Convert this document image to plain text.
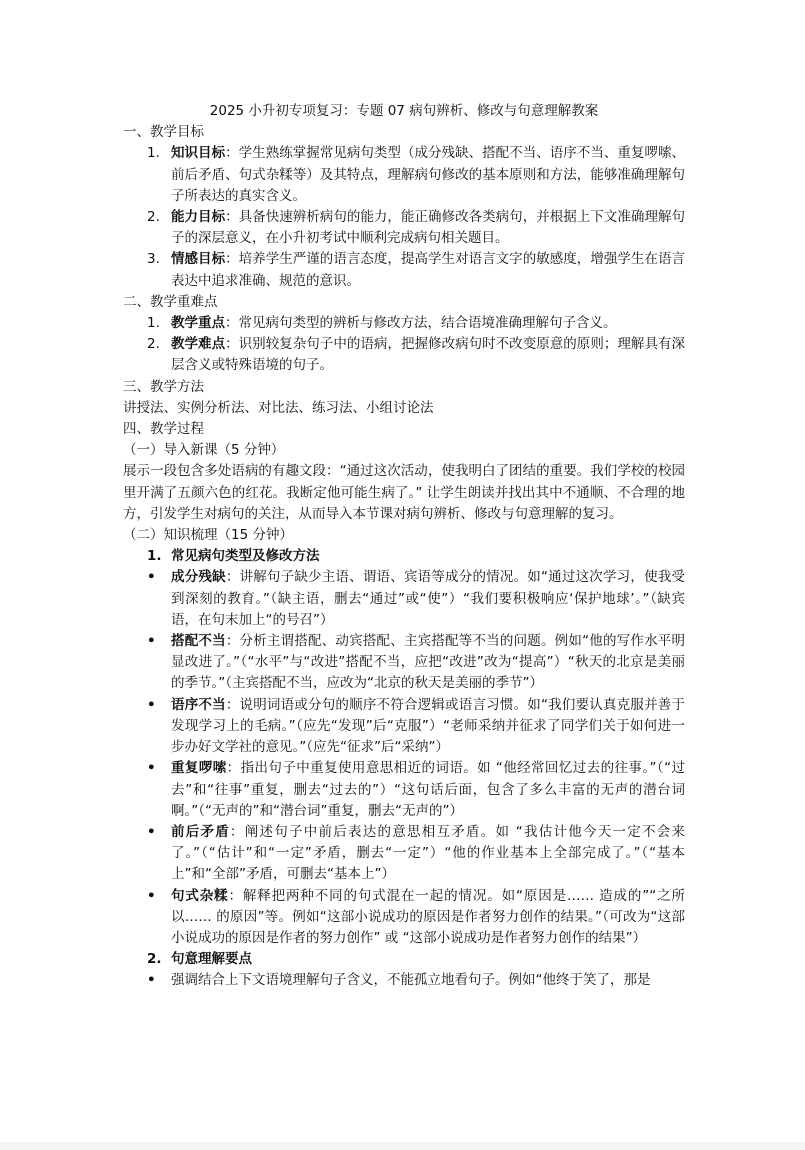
2025 小升初专项复习：专题 07 病句辨析、修改与句意理解教案

一、教学目标

1. 知识目标：学生熟练掌握常见病句类型（成分残缺、搭配不当、语序不当、重复啰嗦、前后矛盾、句式杂糅等）及其特点，理解病句修改的基本原则和方法，能够准确理解句子所表达的真实含义。
2. 能力目标：具备快速辨析病句的能力，能正确修改各类病句，并根据上下文准确理解句子的深层意义，在小升初考试中顺利完成病句相关题目。
3. 情感目标：培养学生严谨的语言态度，提高学生对语言文字的敏感度，增强学生在语言表达中追求准确、规范的意识。

二、教学重难点

1. 教学重点：常见病句类型的辨析与修改方法，结合语境准确理解句子含义。
2. 教学难点：识别较复杂句子中的语病，把握修改病句时不改变原意的原则；理解具有深层含义或特殊语境的句子。

三、教学方法

讲授法、实例分析法、对比法、练习法、小组讨论法

四、教学过程

（一）导入新课（5 分钟）

展示一段包含多处语病的有趣文段：“通过这次活动，使我明白了团结的重要。我们学校的校园里开满了五颜六色的红花。我断定他可能生病了。” 让学生朗读并找出其中不通顺、不合理的地方，引发学生对病句的关注，从而导入本节课对病句辨析、修改与句意理解的复习。

（二）知识梳理（15 分钟）

1. 常见病句类型及修改方法
• 成分残缺：讲解句子缺少主语、谓语、宾语等成分的情况。如“通过这次学习，使我受到深刻的教育。”（缺主语，删去“通过”或“使”）“我们要积极响应‘保护地球’。”（缺宾语，在句末加上“的号召”）
• 搭配不当：分析主谓搭配、动宾搭配、主宾搭配等不当的问题。例如“他的写作水平明显改进了。”（“水平”与“改进”搭配不当，应把“改进”改为“提高”）“秋天的北京是美丽的季节。”（主宾搭配不当，应改为“北京的秋天是美丽的季节”）
• 语序不当：说明词语或分句的顺序不符合逻辑或语言习惯。如“我们要认真克服并善于发现学习上的毛病。”（应先“发现”后“克服”）“老师采纳并征求了同学们关于如何进一步办好文学社的意见。”（应先“征求”后“采纳”）
• 重复啰嗦：指出句子中重复使用意思相近的词语。如 “他经常回忆过去的往事。”（“过去”和“往事”重复，删去“过去的”）“这句话后面，包含了多么丰富的无声的潜台词啊。”（“无声的”和“潜台词”重复，删去“无声的”）
• 前后矛盾：阐述句子中前后表达的意思相互矛盾。如 “我估计他今天一定不会来了。”（“估计”和“一定”矛盾，删去“一定”）“他的作业基本上全部完成了。”（“基本上”和“全部”矛盾，可删去“基本上”）
• 句式杂糅：解释把两种不同的句式混在一起的情况。如“原因是…… 造成的”“之所以…… 的原因”等。例如“这部小说成功的原因是作者努力创作的结果。”（可改为“这部小说成功的原因是作者的努力创作” 或 “这部小说成功是作者努力创作的结果”）
2. 句意理解要点
• 强调结合上下文语境理解句子含义，不能孤立地看句子。例如“他终于笑了，那是
